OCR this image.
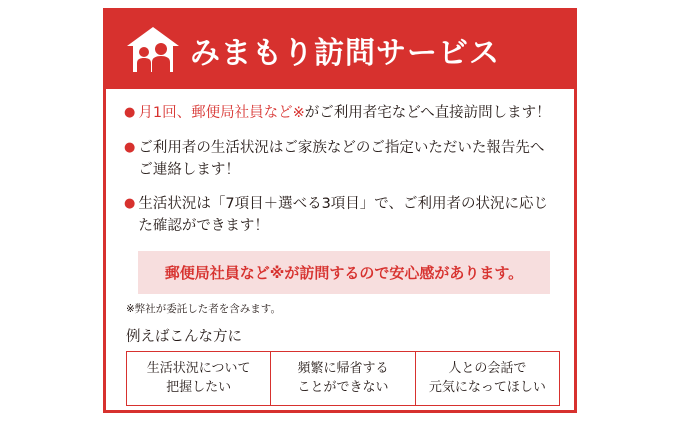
みまもり訪問サービス
● 月1回、郵便局社員など※がご利用者宅などへ直接訪問します！
● ご利用者の生活状況はご家族などのご指定いただいた報告先へご連絡します！
● 生活状況は「7項目＋選べる3項目」で、ご利用者の状況に応じた確認ができます！
郵便局社員など※が訪問するので安心感があります。
※弊社が委託した者を含みます。
例えばこんな方に
生活状況について
把握したい
頻繁に帰省する
ことができない
人との会話で
元気になってほしい
